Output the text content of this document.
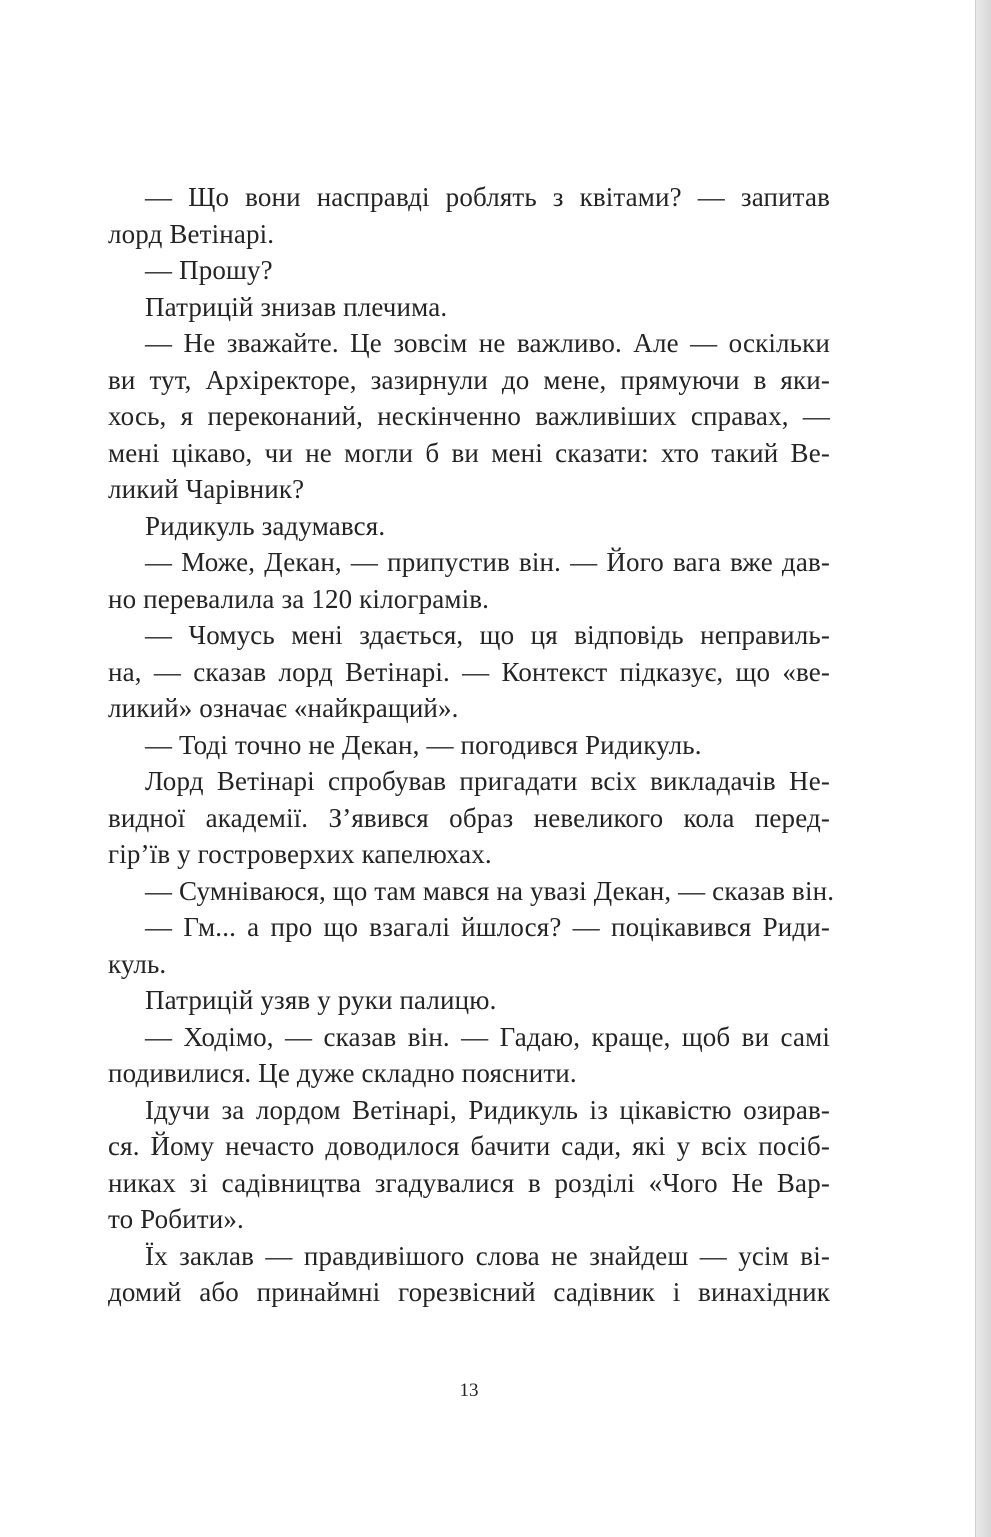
— Що вони насправді роблять з квітами? — запитав
лорд Ветінарі.
— Прошу?
Патрицій знизав плечима.
— Не зважайте. Це зовсім не важливо. Але — оскільки
ви тут, Архіректоре, зазирнули до мене, прямуючи в яки-
хось, я переконаний, нескінченно важливіших справах, —
мені цікаво, чи не могли б ви мені сказати: хто такий Ве-
ликий Чарівник?
Ридикуль задумався.
— Може, Декан, — припустив він. — Його вага вже дав-
но перевалила за 120 кілограмів.
— Чомусь мені здається, що ця відповідь неправиль-
на, — сказав лорд Ветінарі. — Контекст підказує, що «ве-
ликий» означає «найкращий».
— Тоді точно не Декан, — погодився Ридикуль.
Лорд Ветінарі спробував пригадати всіх викладачів Не-
видної академії. З’явився образ невеликого кола перед-
гір’їв у гостроверхих капелюхах.
— Сумніваюся, що там мався на увазі Декан, — сказав він.
— Гм... а про що взагалі йшлося? — поцікавився Риди-
куль.
Патрицій узяв у руки палицю.
— Ходімо, — сказав він. — Гадаю, краще, щоб ви самі
подивилися. Це дуже складно пояснити.
Ідучи за лордом Ветінарі, Ридикуль із цікавістю озирав-
ся. Йому нечасто доводилося бачити сади, які у всіх посіб-
никах зі садівництва згадувалися в розділі «Чого Не Вар-
то Робити».
Їх заклав — правдивішого слова не знайдеш — усім ві-
домий або принаймні горезвісний садівник і винахідник
13
